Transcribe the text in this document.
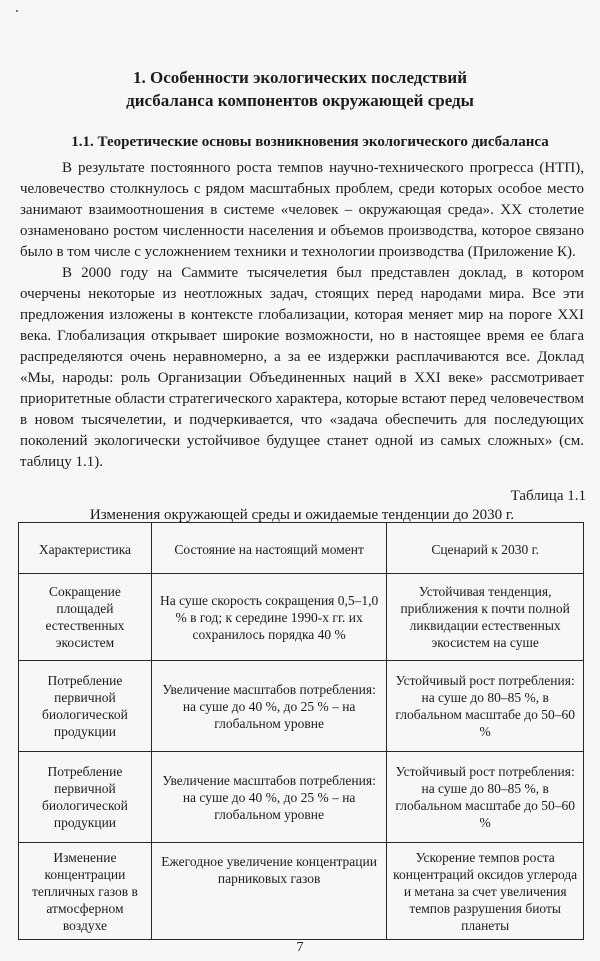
1. Особенности экологических последствий
дисбаланса компонентов окружающей среды
1.1. Теоретические основы возникновения экологического дисбаланса

В результате постоянного роста темпов научно-технического прогресса (НТП), человечество столкнулось с рядом масштабных проблем, среди которых особое место занимают взаимоотношения в системе «человек – окружающая среда». XX столетие ознаменовано ростом численности населения и объемов производства, которое связано было в том числе с усложнением техники и технологии производства (Приложение К).

В 2000 году на Саммите тысячелетия был представлен доклад, в котором очерчены некоторые из неотложных задач, стоящих перед народами мира. Все эти предложения изложены в контексте глобализации, которая меняет мир на пороге XXI века. Глобализация открывает широкие возможности, но в настоящее время ее блага распределяются очень неравномерно, а за ее издержки расплачиваются все. Доклад «Мы, народы: роль Организации Объединенных наций в XXI веке» рассмотривает приоритетные области стратегического характера, которые встают перед человечеством в новом тысячелетии, и подчеркивается, что «задача обеспечить для последующих поколений экологически устойчивое будущее станет одной из самых сложных» (см. таблицу 1.1).

Таблица 1.1
Изменения окружающей среды и ожидаемые тенденции до 2030 г.
Характеристика	Состояние на настоящий момент	Сценарий к 2030 г.
Сокращение площадей естественных экосистем	На суше скорость сокращения 0,5–1,0 % в год; к середине 1990-х гг. их сохранилось порядка 40 %	Устойчивая тенденция, приближения к почти полной ликвидации естественных экосистем на суше
Потребление первичной биологической продукции	Увеличение масштабов потребления: на суше до 40 %, до 25 % – на глобальном уровне	Устойчивый рост потребления: на суше до 80–85 %, в глобальном масштабе до 50–60 %
Потребление первичной биологической продукции	Увеличение масштабов потребления: на суше до 40 %, до 25 % – на глобальном уровне	Устойчивый рост потребления: на суше до 80–85 %, в глобальном масштабе до 50–60 %
Изменение концентрации тепличных газов в атмосферном воздухе	Ежегодное увеличение концентрации парниковых газов	Ускорение темпов роста концентраций оксидов углерода и метана за счет увеличения темпов разрушения биоты планеты
7
